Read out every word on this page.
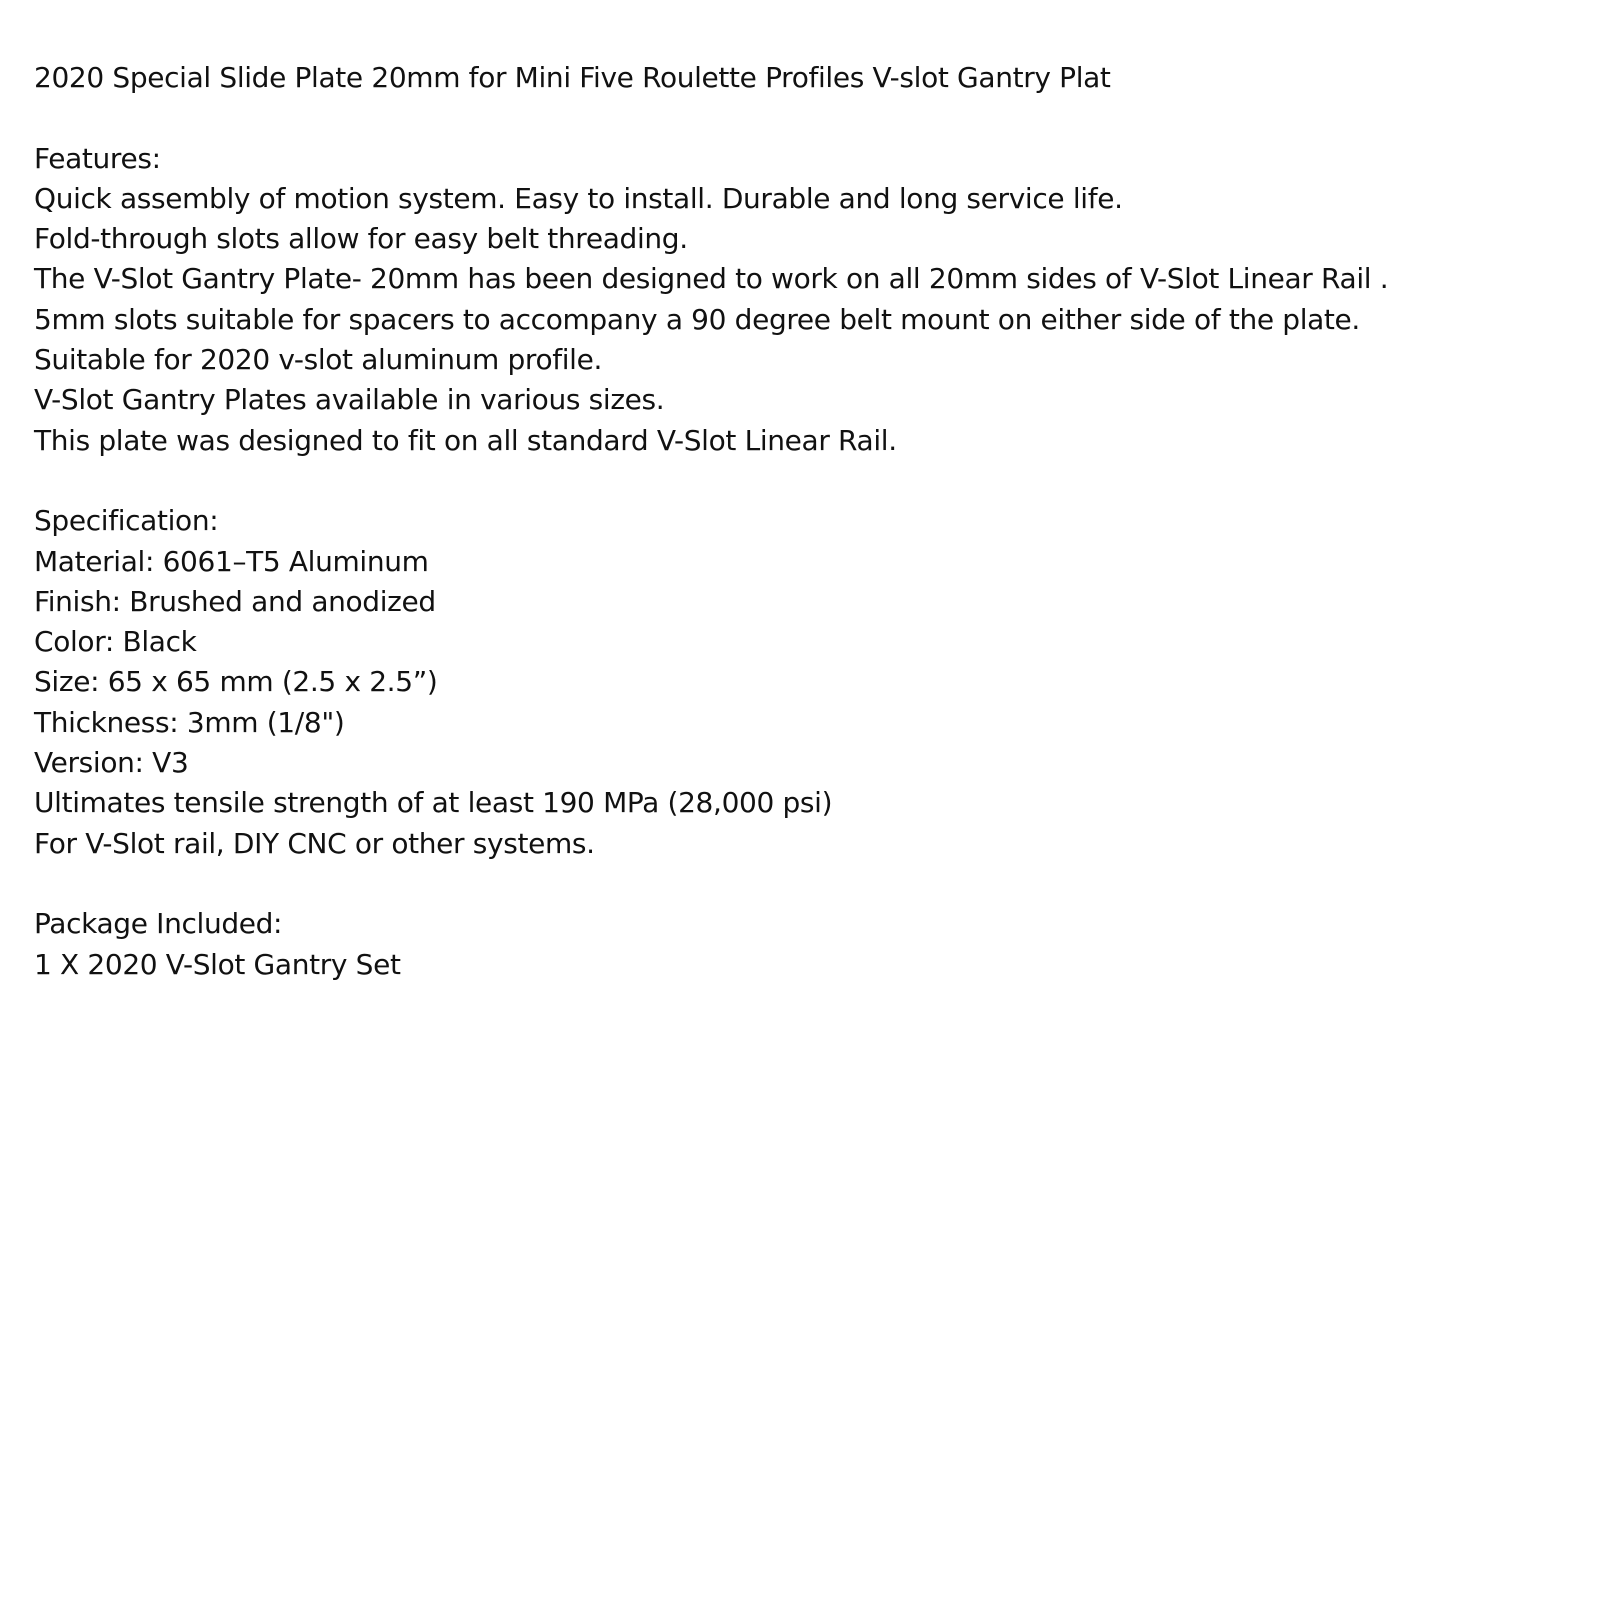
2020 Special Slide Plate 20mm for Mini Five Roulette Profiles V-slot Gantry Plat
Features:
Quick assembly of motion system. Easy to install. Durable and long service life.
Fold-through slots allow for easy belt threading.
The V-Slot Gantry Plate- 20mm has been designed to work on all 20mm sides of V-Slot Linear Rail .
5mm slots suitable for spacers to accompany a 90 degree belt mount on either side of the plate.
Suitable for 2020 v-slot aluminum profile.
V-Slot Gantry Plates available in various sizes.
This plate was designed to fit on all standard V-Slot Linear Rail.
Specification:
Material: 6061–T5 Aluminum
Finish: Brushed and anodized
Color: Black
Size: 65 x 65 mm (2.5 x 2.5”)
Thickness: 3mm (1/8")
Version: V3
Ultimates tensile strength of at least 190 MPa (28,000 psi)
For V-Slot rail, DIY CNC or other systems.
Package Included:
1 X 2020 V-Slot Gantry Set
